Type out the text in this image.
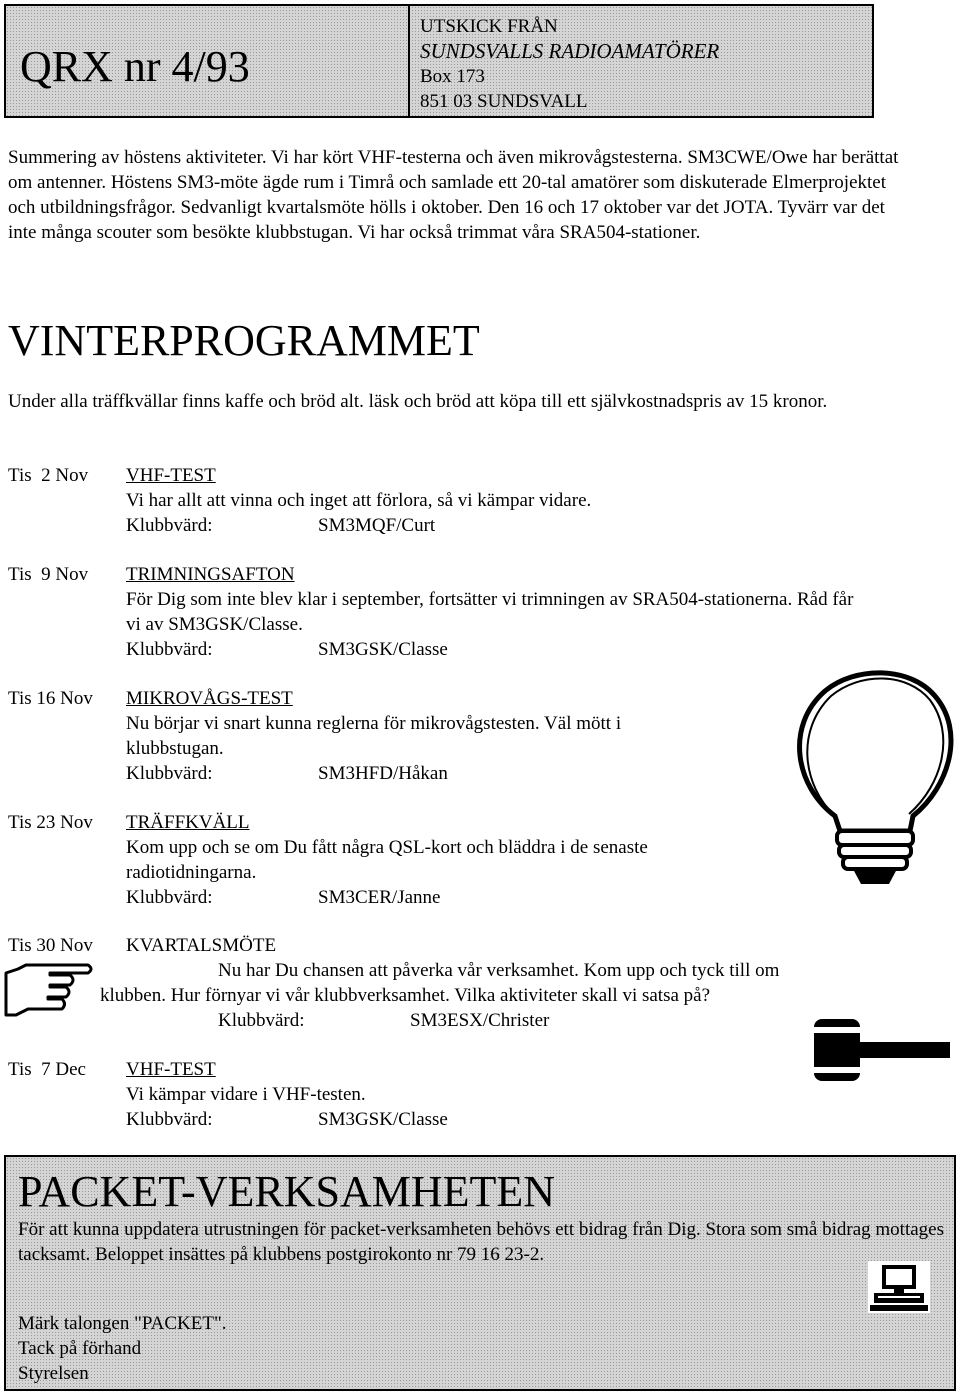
QRX nr 4/93
UTSKICK FRÅN
SUNDSVALLS RADIOAMATÖRER
Box 173
851 03 SUNDSVALL

Summering av höstens aktiviteter. Vi har kört VHF-testerna och även mikrovågstesterna. SM3CWE/Owe har berättat om antenner. Höstens SM3-möte ägde rum i Timrå och samlade ett 20-tal amatörer som diskuterade Elmerprojektet och utbildningsfrågor. Sedvanligt kvartalsmöte hölls i oktober. Den 16 och 17 oktober var det JOTA. Tyvärr var det inte många scouter som besökte klubbstugan. Vi har också trimmat våra SRA504-stationer.

VINTERPROGRAMMET

Under alla träffkvällar finns kaffe och bröd alt. läsk och bröd att köpa till ett självkostnadspris av 15 kronor.

Tis  2 Nov VHF-TEST
Vi har allt att vinna och inget att förlora, så vi kämpar vidare.
Klubbvärd:	SM3MQF/Curt
Tis  9 Nov TRIMNINGSAFTON
För Dig som inte blev klar i september, fortsätter vi trimningen av SRA504-stationerna. Råd får vi av SM3GSK/Classe.
Klubbvärd:	SM3GSK/Classe
Tis 16 Nov MIKROVÅGS-TEST
Nu börjar vi snart kunna reglerna för mikrovågstesten. Väl mött i klubbstugan.
Klubbvärd:	SM3HFD/Håkan
Tis 23 Nov TRÄFFKVÄLL
Kom upp och se om Du fått några QSL-kort och bläddra i de senaste radiotidningarna.
Klubbvärd:	SM3CER/Janne
Tis 30 Nov KVARTALSMÖTE
Nu har Du chansen att påverka vår verksamhet. Kom upp och tyck till om
klubben. Hur förnyar vi vår klubbverksamhet. Vilka aktiviteter skall vi satsa på?
Klubbvärd:	SM3ESX/Christer
Tis  7 Dec VHF-TEST
Vi kämpar vidare i VHF-testen.
Klubbvärd:	SM3GSK/Classe
PACKET-VERKSAMHETEN

För att kunna uppdatera utrustningen för packet-verksamheten behövs ett bidrag från Dig. Stora som små bidrag mottages tacksamt. Beloppet insättes på klubbens postgirokonto nr 79 16 23-2.

Märk talongen "PACKET".
Tack på förhand
Styrelsen
